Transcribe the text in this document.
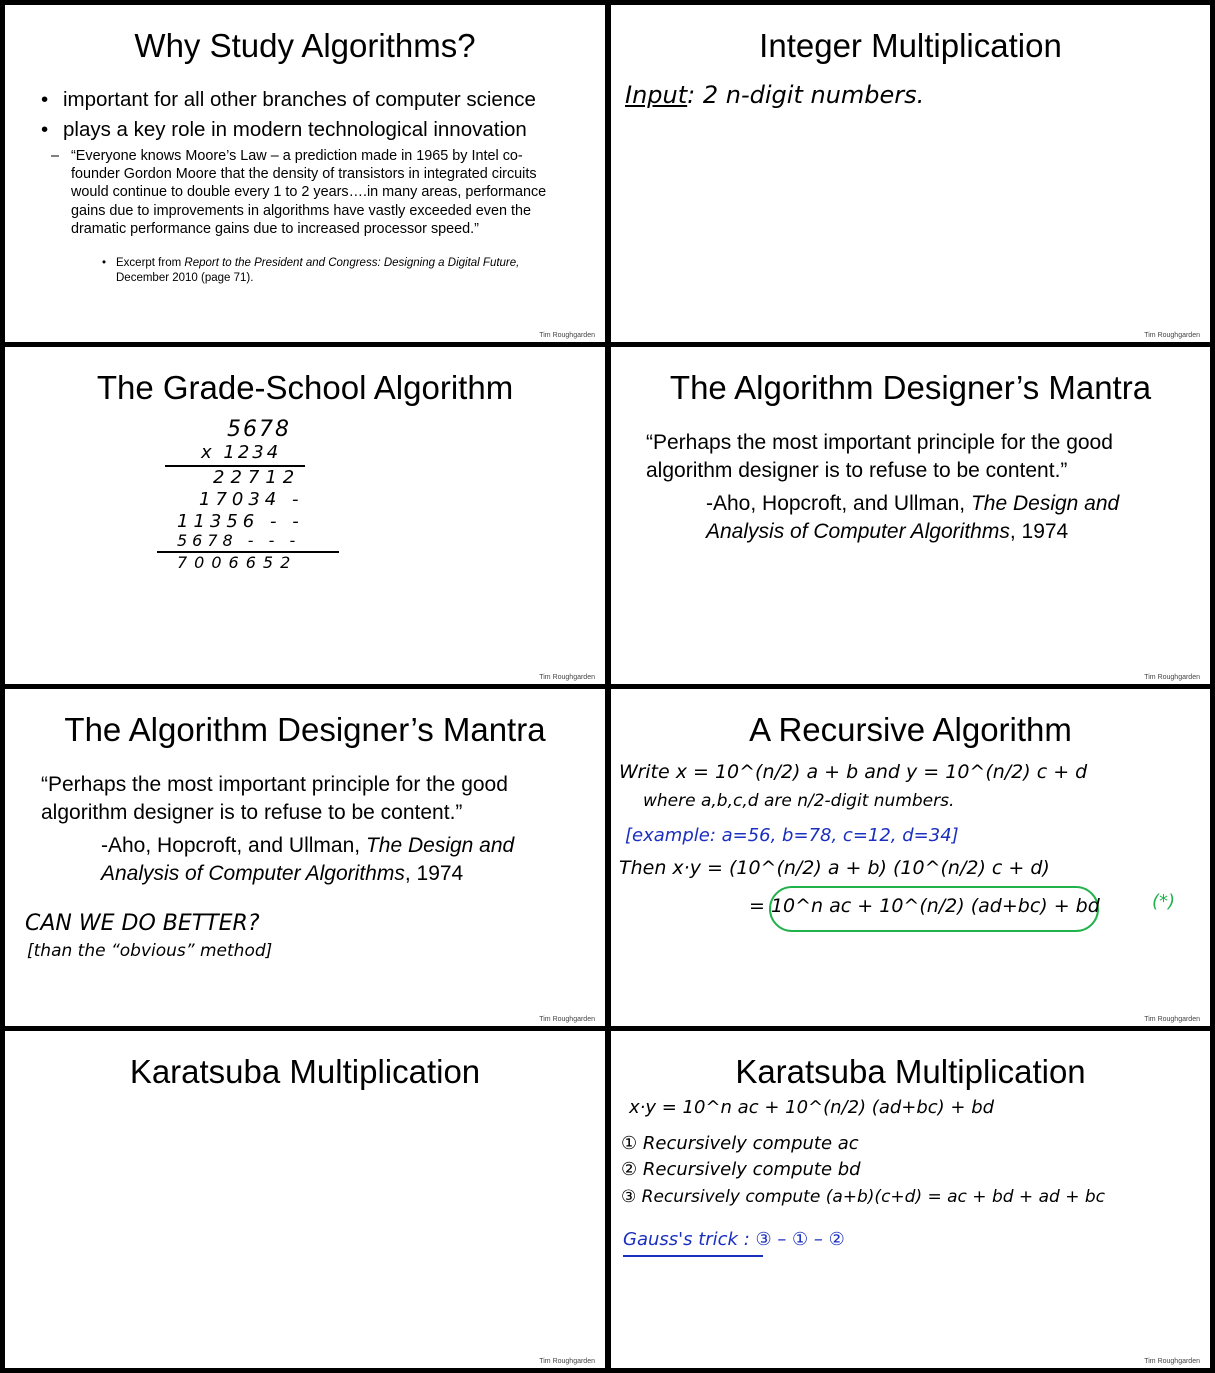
Why Study Algorithms?
• important for all other branches of computer science
• plays a key role in modern technological innovation
– “Everyone knows Moore’s Law – a prediction made in 1965 by Intel co-founder Gordon Moore that the density of transistors in integrated circuits would continue to double every 1 to 2 years….in many areas, performance gains due to improvements in algorithms have vastly exceeded even the dramatic performance gains due to increased processor speed.”
• Excerpt from Report to the President and Congress: Designing a Digital Future, December 2010 (page 71).
Tim Roughgarden
Integer Multiplication
Input: 2 n-digit numbers.
Tim Roughgarden
The Grade-School Algorithm
5678
x 1234
22712
17034 -
11356 - -
5678 - - -
7006652
Tim Roughgarden
The Algorithm Designer’s Mantra
“Perhaps the most important principle for the good
algorithm designer is to refuse to be content.”
-Aho, Hopcroft, and Ullman, The Design and
Analysis of Computer Algorithms, 1974
Tim Roughgarden
The Algorithm Designer’s Mantra
“Perhaps the most important principle for the good
algorithm designer is to refuse to be content.”
-Aho, Hopcroft, and Ullman, The Design and
Analysis of Computer Algorithms, 1974
CAN WE DO BETTER?
[than the “obvious” method]
Tim Roughgarden
A Recursive Algorithm
Write x = 10^(n/2) a + b and y = 10^(n/2) c + d
where a,b,c,d are n/2-digit numbers.
[example: a=56, b=78, c=12, d=34]
Then x·y = (10^(n/2) a + b) (10^(n/2) c + d)
= 10^n ac + 10^(n/2) (ad+bc) + bd	(*)
Tim Roughgarden
Karatsuba Multiplication
Tim Roughgarden
Karatsuba Multiplication
x·y = 10^n ac + 10^(n/2) (ad+bc) + bd
① Recursively compute ac
② Recursively compute bd
③ Recursively compute (a+b)(c+d) = ac + bd + ad + bc
Gauss's trick : ③ – ① – ②
Tim Roughgarden
